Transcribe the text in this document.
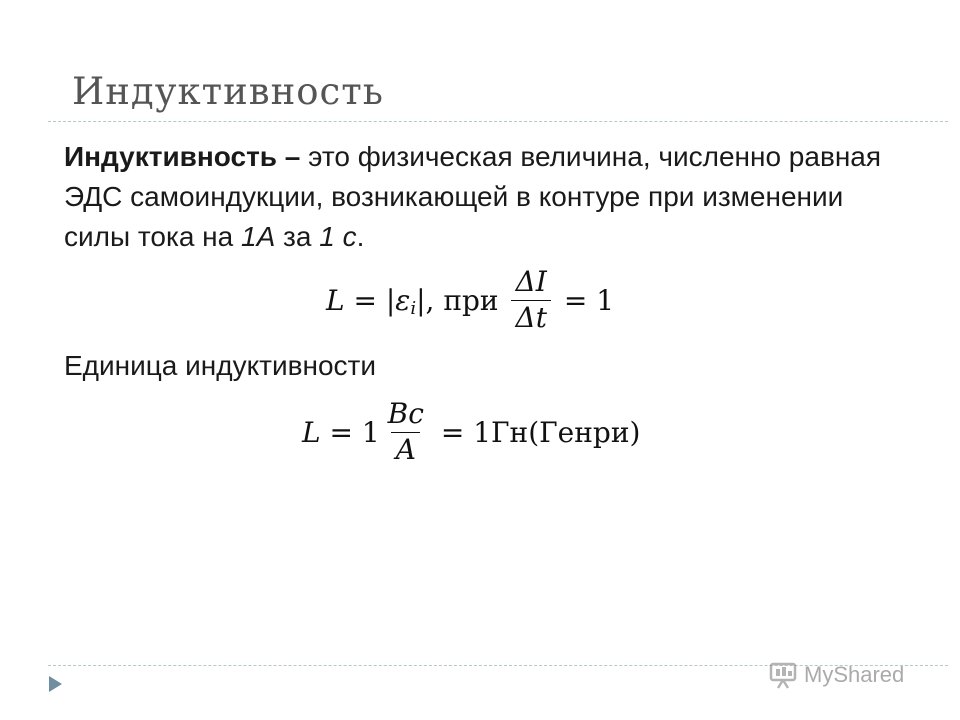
Индуктивность
Индуктивность – это физическая величина, численно равная ЭДС самоиндукции, возникающей в контуре при изменении силы тока на 1А за 1 с.
L = | ε i |, при $\frac{\Delta I}{\Delta t} = 1$
Единица индуктивности
$L = 1 \frac{Вс}{А}$ = 1Гн(Генри)
MyShared
